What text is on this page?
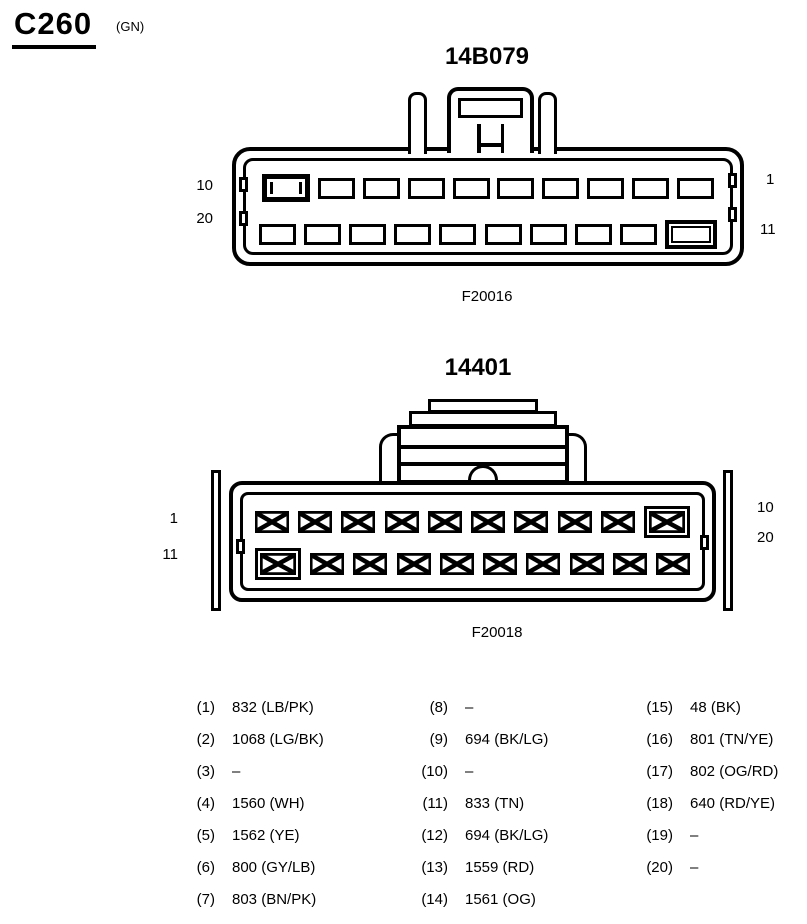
C260	(GN)
14B079
10
20
1
11
F20016
14401
1
11
10
20
F20018
(1) 832 (LB/PK)
(2) 1068 (LG/BK)
(3) –
(4) 1560 (WH)
(5) 1562 (YE)
(6) 800 (GY/LB)
(7) 803 (BN/PK)
(8) –
(9) 694 (BK/LG)
(10) –
(11) 833 (TN)
(12) 694 (BK/LG)
(13) 1559 (RD)
(14) 1561 (OG)
(15) 48 (BK)
(16) 801 (TN/YE)
(17) 802 (OG/RD)
(18) 640 (RD/YE)
(19) –
(20) –
